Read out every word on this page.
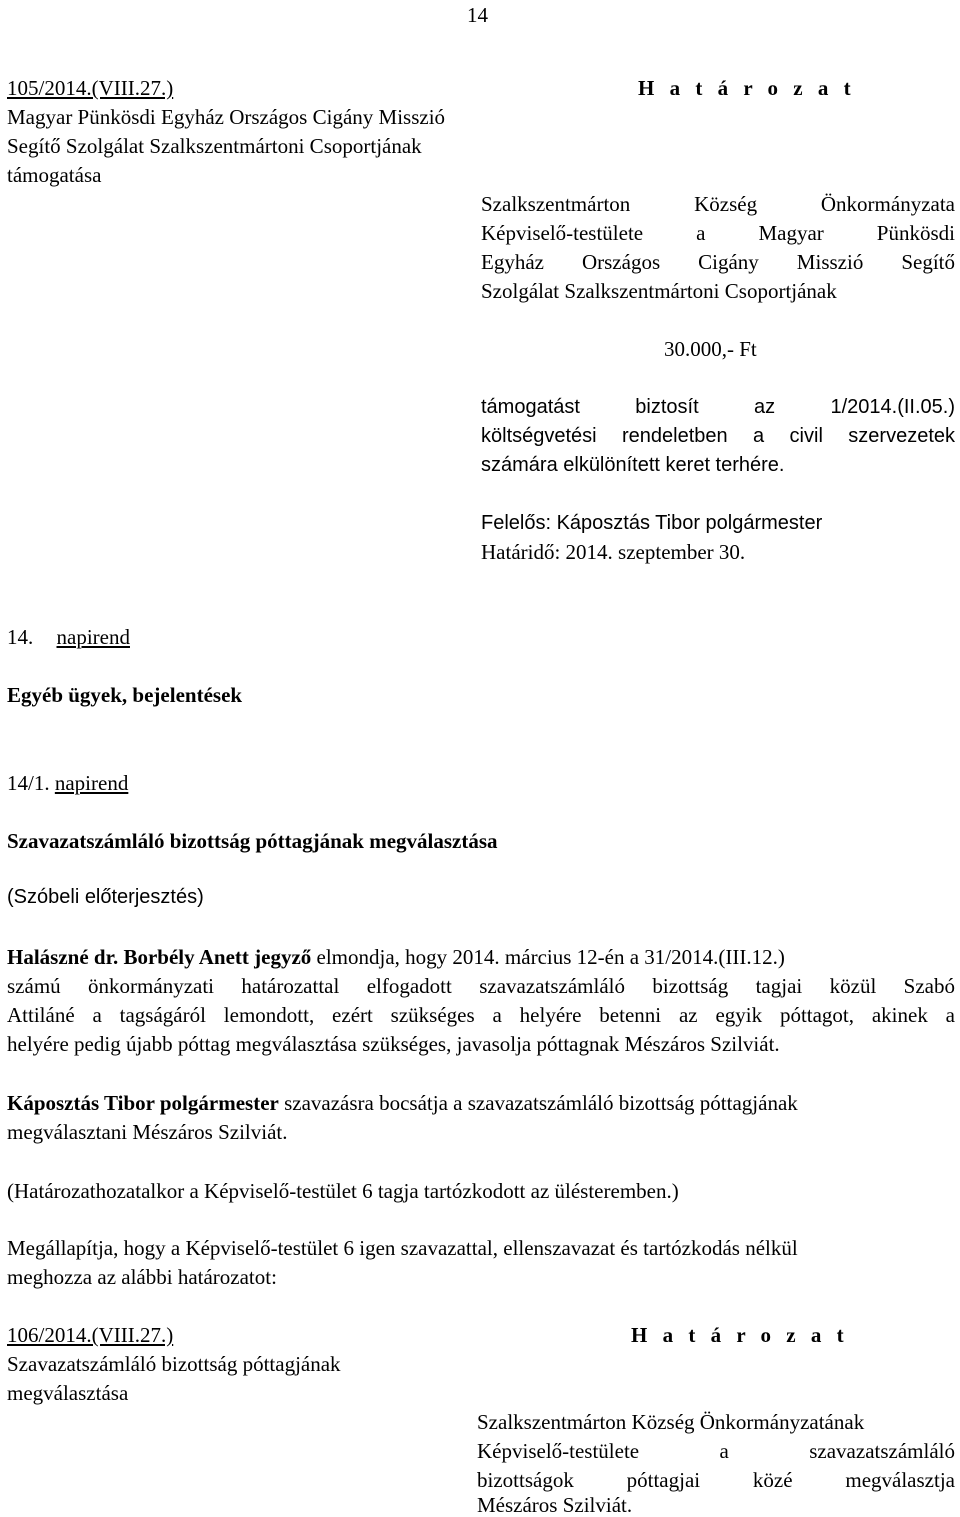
14
105/2014.(VIII.27.)
Magyar Pünkösdi Egyház Országos Cigány Misszió
Segítő Szolgálat Szalkszentmártoni Csoportjának
támogatása
H a t á r o z a t
Szalkszentmárton Község Önkormányzata
Képviselő-testülete a Magyar Pünkösdi
Egyház Országos Cigány Misszió Segítő
Szolgálat Szalkszentmártoni Csoportjának
30.000,- Ft
támogatást biztosít az 1/2014.(II.05.)
költségvetési rendeletben a civil szervezetek
számára elkülönített keret terhére.
Felelős: Káposztás Tibor polgármester
Határidő: 2014. szeptember 30.
14. napirend
Egyéb ügyek, bejelentések
14/1. napirend
Szavazatszámláló bizottság póttagjának megválasztása
(Szóbeli előterjesztés)
Halászné dr. Borbély Anett jegyző elmondja, hogy 2014. március 12-én a 31/2014.(III.12.)
számú önkormányzati határozattal elfogadott szavazatszámláló bizottság tagjai közül Szabó
Attiláné a tagságáról lemondott, ezért szükséges a helyére betenni az egyik póttagot, akinek a
helyére pedig újabb póttag megválasztása szükséges, javasolja póttagnak Mészáros Szilviát.
Káposztás Tibor polgármester szavazásra bocsátja a szavazatszámláló bizottság póttagjának
megválasztani Mészáros Szilviát.
(Határozathozatalkor a Képviselő-testület 6 tagja tartózkodott az ülésteremben.)
Megállapítja, hogy a Képviselő-testület 6 igen szavazattal, ellenszavazat és tartózkodás nélkül
meghozza az alábbi határozatot:
106/2014.(VIII.27.)
Szavazatszámláló bizottság póttagjának
megválasztása
H a t á r o z a t
Szalkszentmárton Község Önkormányzatának
Képviselő-testülete a szavazatszámláló
bizottságok póttagjai közé megválasztja
Mészáros Szilviát.
